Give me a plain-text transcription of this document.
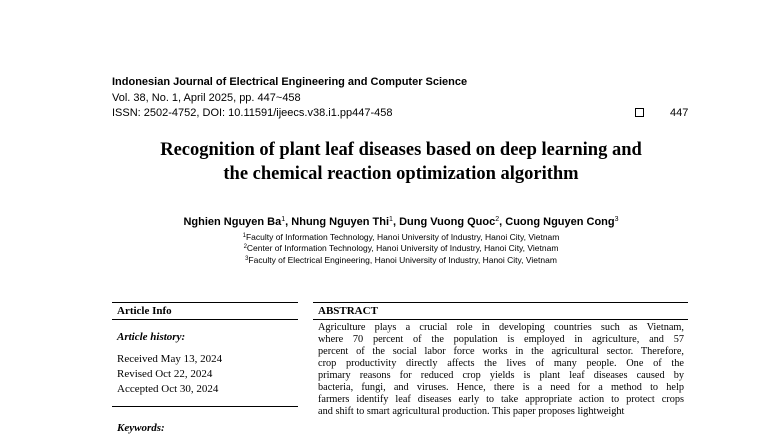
Indonesian Journal of Electrical Engineering and Computer Science
Vol. 38, No. 1, April 2025, pp. 447~458
ISSN: 2502-4752, DOI: 10.11591/ijeecs.v38.i1.pp447-458	447
Recognition of plant leaf diseases based on deep learning and
the chemical reaction optimization algorithm
Nghien Nguyen Ba$^1$, Nhung Nguyen Thi$^1$, Dung Vuong Quoc$^2$, Cuong Nguyen Cong$^3$
$^1$Faculty of Information Technology, Hanoi University of Industry, Hanoi City, Vietnam
$^2$Center of Information Technology, Hanoi University of Industry, Hanoi City, Vietnam
$^3$Faculty of Electrical Engineering, Hanoi University of Industry, Hanoi City, Vietnam
Article Info	ABSTRACT
Article history:
Received May 13, 2024
Revised Oct 22, 2024
Accepted Oct 30, 2024
Keywords:
Agriculture plays a crucial role in developing countries such as Vietnam,
where 70 percent of the population is employed in agriculture, and 57
percent of the social labor force works in the agricultural sector. Therefore,
crop productivity directly affects the lives of many people. One of the
primary reasons for reduced crop yields is plant leaf diseases caused by
bacteria, fungi, and viruses. Hence, there is a need for a method to help
farmers identify leaf diseases early to take appropriate action to protect crops
and shift to smart agricultural production. This paper proposes lightweight
